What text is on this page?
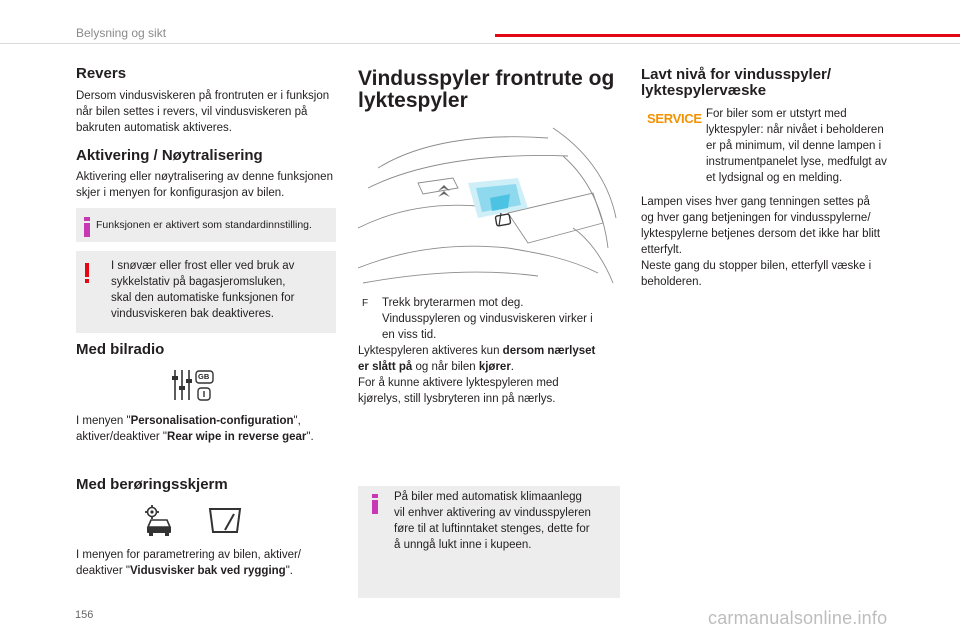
Belysning og sikt
Revers

Dersom vindusviskeren på frontruten er i funksjon

når bilen settes i revers, vil vindusviskeren på

bakruten automatisk aktiveres.

Aktivering / Nøytralisering

Aktivering eller nøytralisering av denne funksjonen

skjer i menyen for konfigurasjon av bilen.

Funksjonen er aktivert som standardinnstilling.

I snøvær eller frost eller ved bruk av

sykkelstativ på bagasjeromsluken,

skal den automatiske funksjonen for

vindusviskeren bak deaktiveres.

Med bilradio
GB

I menyen "Personalisation-configuration",

aktiver/deaktiver "Rear wipe in reverse gear".

Med berøringsskjerm

I menyen for parametrering av bilen, aktiver/

deaktiver "Vidusvisker bak ved rygging".

Vindusspyler frontrute og
lyktespyler
F Trekk bryterarmen mot deg.

Vindusspyleren og vindusviskeren virker i

en viss tid.

Lyktespyleren aktiveres kun dersom nærlyset

er slått på og når bilen kjører.

For å kunne aktivere lyktespyleren med

kjørelys, still lysbryteren inn på nærlys.

På biler med automatisk klimaanlegg

vil enhver aktivering av vindusspyleren

føre til at luftinntaket stenges, dette for

å unngå lukt inne i kupeen.

Lavt nivå for vindusspyler/
lyktespylervæske
SERVICE For biler som er utstyrt med

lyktespyler: når nivået i beholderen

er på minimum, vil denne lampen i

instrumentpanelet lyse, medfulgt av

et lydsignal og en melding.

Lampen vises hver gang tenningen settes på

og hver gang betjeningen for vindusspylerne/

lyktespylerne betjenes dersom det ikke har blitt

etterfylt.

Neste gang du stopper bilen, etterfyll væske i

beholderen.

156	carmanualsonline.info
